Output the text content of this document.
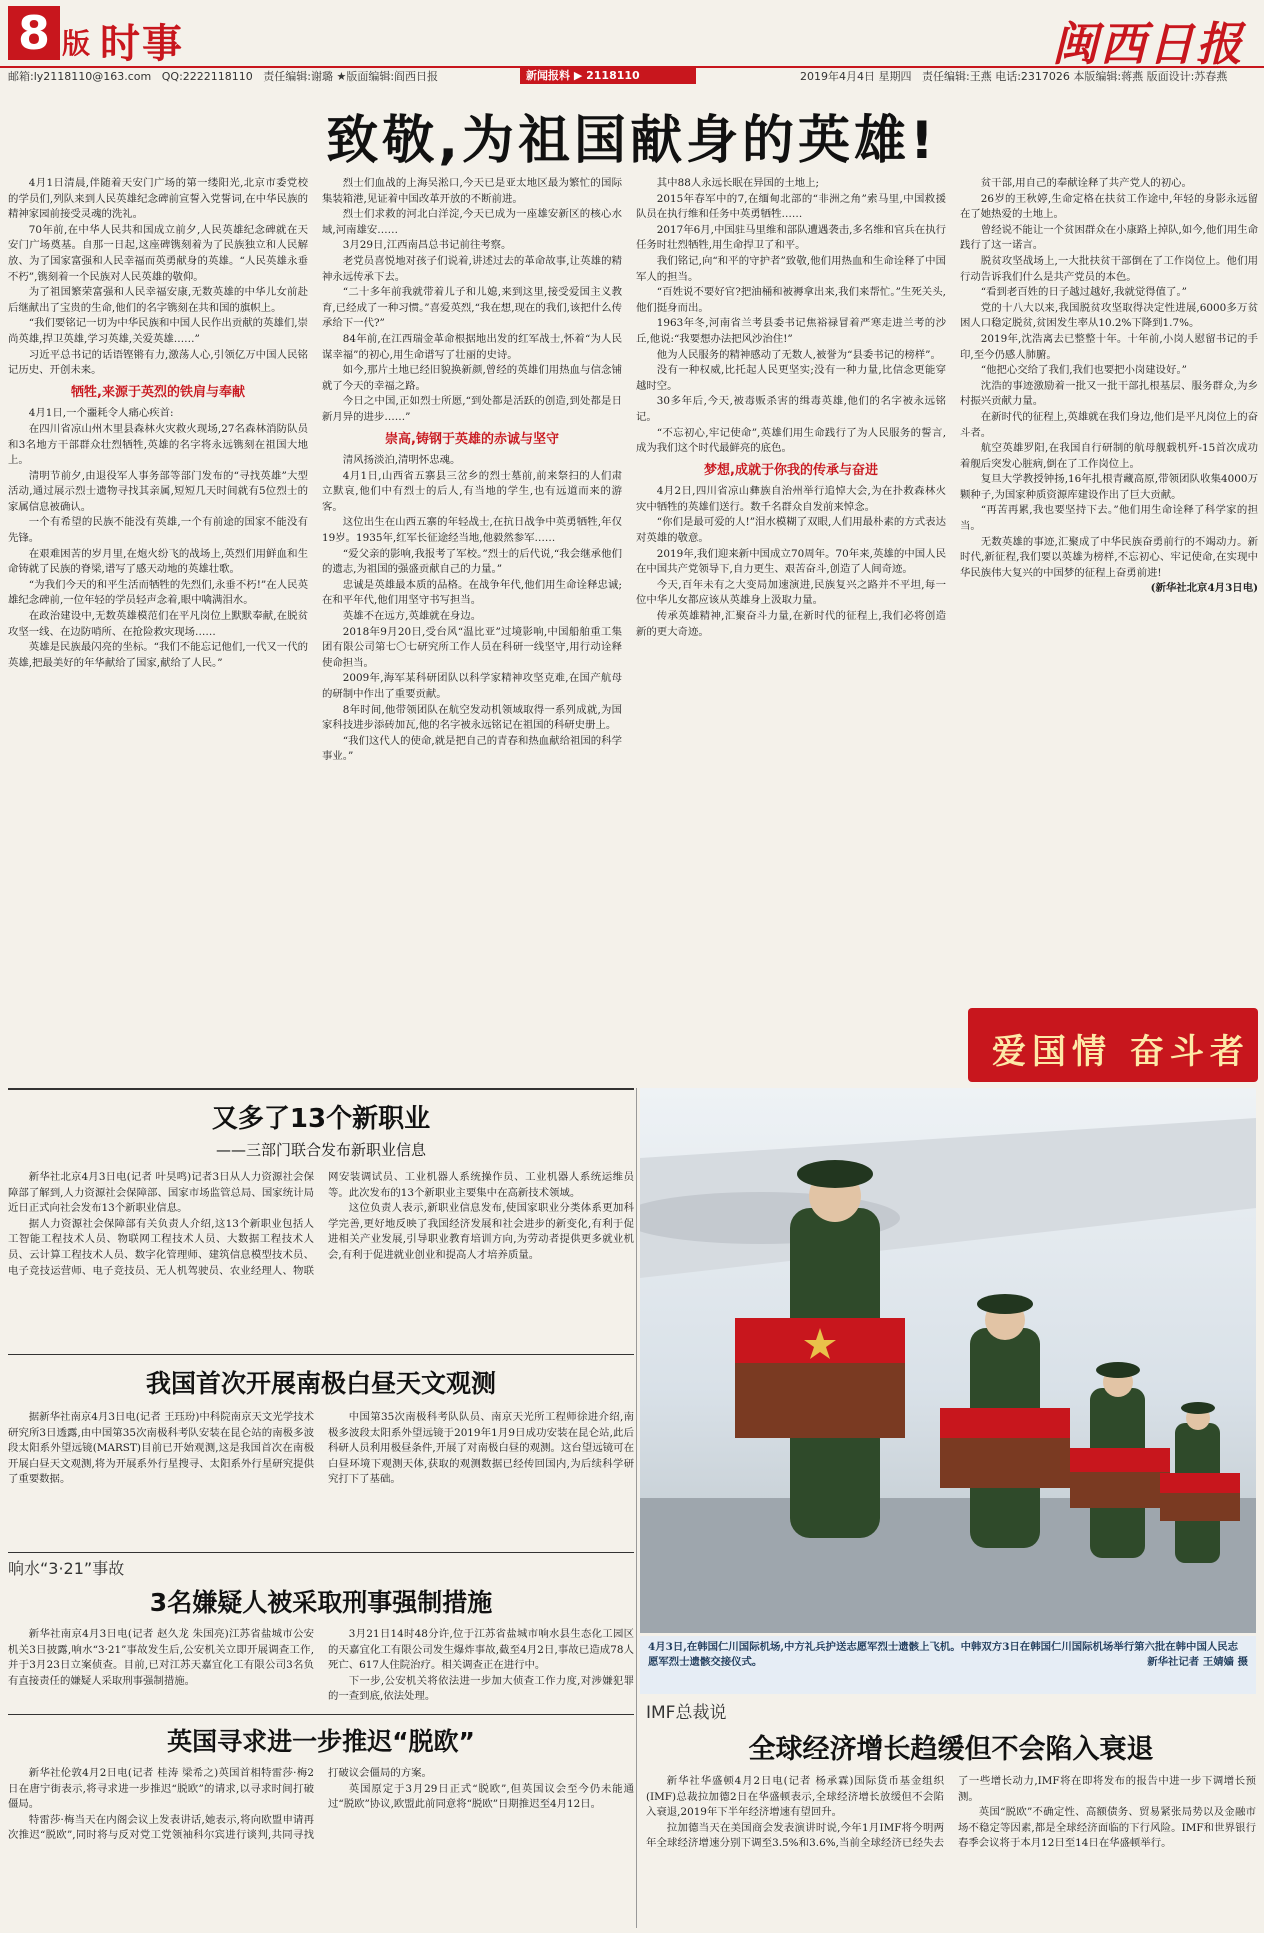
8 版 时事	闽西日报
邮箱:ly2118110@163.com QQ:2222118110 责任编辑:谢璐 ★版面编辑:阎西日报	新闻报料 ▶ 2118110	2019年4月4日 星期四 责任编辑:王燕 电话:2317026 本版编辑:蒋燕 版面设计:苏春燕
致敬,为祖国献身的英雄!

4月1日清晨,伴随着天安门广场的第一缕阳光,北京市委党校的学员们,列队来到人民英雄纪念碑前宣誓入党誓词,在中华民族的精神家园前接受灵魂的洗礼。

70年前,在中华人民共和国成立前夕,人民英雄纪念碑就在天安门广场奠基。自那一日起,这座碑镌刻着为了民族独立和人民解放、为了国家富强和人民幸福而英勇献身的英雄。“人民英雄永垂不朽”,镌刻着一个民族对人民英雄的敬仰。

为了祖国繁荣富强和人民幸福安康,无数英雄的中华儿女前赴后继献出了宝贵的生命,他们的名字镌刻在共和国的旗帜上。

“我们要铭记一切为中华民族和中国人民作出贡献的英雄们,崇尚英雄,捍卫英雄,学习英雄,关爱英雄……”

习近平总书记的话语铿锵有力,激荡人心,引领亿万中国人民铭记历史、开创未来。

牺牲,来源于英烈的铁肩与奉献

4月1日,一个噩耗令人痛心疾首:

在四川省凉山州木里县森林火灾救火现场,27名森林消防队员和3名地方干部群众壮烈牺牲,英雄的名字将永远镌刻在祖国大地上。

清明节前夕,由退役军人事务部等部门发布的“寻找英雄”大型活动,通过展示烈士遗物寻找其亲属,短短几天时间就有5位烈士的家属信息被确认。

一个有希望的民族不能没有英雄,一个有前途的国家不能没有先锋。

在艰难困苦的岁月里,在炮火纷飞的战场上,英烈们用鲜血和生命铸就了民族的脊梁,谱写了感天动地的英雄壮歌。

“为我们今天的和平生活而牺牲的先烈们,永垂不朽!”在人民英雄纪念碑前,一位年轻的学员轻声念着,眼中噙满泪水。

在政治建设中,无数英雄模范们在平凡岗位上默默奉献,在脱贫攻坚一线、在边防哨所、在抢险救灾现场……

英雄是民族最闪亮的坐标。“我们不能忘记他们,一代又一代的英雄,把最美好的年华献给了国家,献给了人民。”

烈士们血战的上海吴淞口,今天已是亚太地区最为繁忙的国际集装箱港,见证着中国改革开放的不断前进。

烈士们求救的河北白洋淀,今天已成为一座雄安新区的核心水域,河南雄安……

3月29日,江西南昌总书记前往考察。

老党员喜悦地对孩子们说着,讲述过去的革命故事,让英雄的精神永远传承下去。

“二十多年前我就带着儿子和儿媳,来到这里,接受爱国主义教育,已经成了一种习惯。”喜爱英烈,“我在想,现在的我们,该把什么传承给下一代?”

84年前,在江西瑞金革命根据地出发的红军战士,怀着“为人民谋幸福”的初心,用生命谱写了壮丽的史诗。

如今,那片土地已经旧貌换新颜,曾经的英雄们用热血与信念铺就了今天的幸福之路。

今日之中国,正如烈士所愿,“到处都是活跃的创造,到处都是日新月异的进步……”

崇高,铸钢于英雄的赤诚与坚守

清风扬淡泊,清明怀忠魂。

4月1日,山西省五寨县三岔乡的烈士墓前,前来祭扫的人们肃立默哀,他们中有烈士的后人,有当地的学生,也有远道而来的游客。

这位出生在山西五寨的年轻战士,在抗日战争中英勇牺牲,年仅19岁。1935年,红军长征途经当地,他毅然参军……

“爱父亲的影响,我报考了军校。”烈士的后代说,“我会继承他们的遗志,为祖国的强盛贡献自己的力量。”

忠诚是英雄最本质的品格。在战争年代,他们用生命诠释忠诚;在和平年代,他们用坚守书写担当。

英雄不在远方,英雄就在身边。

2018年9月20日,受台风“温比亚”过境影响,中国船舶重工集团有限公司第七〇七研究所工作人员在科研一线坚守,用行动诠释使命担当。

2009年,海军某科研团队以科学家精神攻坚克难,在国产航母的研制中作出了重要贡献。

8年时间,他带领团队在航空发动机领域取得一系列成就,为国家科技进步添砖加瓦,他的名字被永远铭记在祖国的科研史册上。

“我们这代人的使命,就是把自己的青春和热血献给祖国的科学事业。”

其中88人永远长眠在异国的土地上;

2015年春军中的7,在缅甸北部的“非洲之角”索马里,中国救援队员在执行维和任务中英勇牺牲……

2017年6月,中国驻马里维和部队遭遇袭击,多名维和官兵在执行任务时壮烈牺牲,用生命捍卫了和平。

我们铭记,向“和平的守护者”致敬,他们用热血和生命诠释了中国军人的担当。

“百姓说不要好官?把油桶和被褥拿出来,我们来帮忙。”生死关头,他们挺身而出。

1963年冬,河南省兰考县委书记焦裕禄冒着严寒走进兰考的沙丘,他说:“我要想办法把风沙治住!”

他为人民服务的精神感动了无数人,被誉为“县委书记的榜样”。

没有一种权威,比托起人民更坚实;没有一种力量,比信念更能穿越时空。

30多年后,今天,被毒贩杀害的缉毒英雄,他们的名字被永远铭记。

“不忘初心,牢记使命”,英雄们用生命践行了为人民服务的誓言,成为我们这个时代最鲜亮的底色。

梦想,成就于你我的传承与奋进

4月2日,四川省凉山彝族自治州举行追悼大会,为在扑救森林火灾中牺牲的英雄们送行。数千名群众自发前来悼念。

“你们是最可爱的人!”泪水模糊了双眼,人们用最朴素的方式表达对英雄的敬意。

2019年,我们迎来新中国成立70周年。70年来,英雄的中国人民在中国共产党领导下,自力更生、艰苦奋斗,创造了人间奇迹。

今天,百年未有之大变局加速演进,民族复兴之路并不平坦,每一位中华儿女都应该从英雄身上汲取力量。

传承英雄精神,汇聚奋斗力量,在新时代的征程上,我们必将创造新的更大奇迹。

贫干部,用自己的奉献诠释了共产党人的初心。

26岁的王秋婷,生命定格在扶贫工作途中,年轻的身影永远留在了她热爱的土地上。

曾经说不能让一个贫困群众在小康路上掉队,如今,他们用生命践行了这一诺言。

脱贫攻坚战场上,一大批扶贫干部倒在了工作岗位上。他们用行动告诉我们什么是共产党员的本色。

“看到老百姓的日子越过越好,我就觉得值了。”

党的十八大以来,我国脱贫攻坚取得决定性进展,6000多万贫困人口稳定脱贫,贫困发生率从10.2%下降到1.7%。

2019年,沈浩离去已整整十年。十年前,小岗人慰留书记的手印,至今仍感人肺腑。

“他把心交给了我们,我们也要把小岗建设好。”

沈浩的事迹激励着一批又一批干部扎根基层、服务群众,为乡村振兴贡献力量。

在新时代的征程上,英雄就在我们身边,他们是平凡岗位上的奋斗者。

航空英雄罗阳,在我国自行研制的航母舰载机歼-15首次成功着舰后突发心脏病,倒在了工作岗位上。

复旦大学教授钟扬,16年扎根青藏高原,带领团队收集4000万颗种子,为国家种质资源库建设作出了巨大贡献。

“再苦再累,我也要坚持下去。”他们用生命诠释了科学家的担当。

无数英雄的事迹,汇聚成了中华民族奋勇前行的不竭动力。新时代,新征程,我们要以英雄为榜样,不忘初心、牢记使命,在实现中华民族伟大复兴的中国梦的征程上奋勇前进!

(新华社北京4月3日电)

爱国情 奋斗者
又多了13个新职业
——三部门联合发布新职业信息

新华社北京4月3日电(记者 叶昊鸣)记者3日从人力资源社会保障部了解到,人力资源社会保障部、国家市场监管总局、国家统计局近日正式向社会发布13个新职业信息。

据人力资源社会保障部有关负责人介绍,这13个新职业包括人工智能工程技术人员、物联网工程技术人员、大数据工程技术人员、云计算工程技术人员、数字化管理师、建筑信息模型技术员、电子竞技运营师、电子竞技员、无人机驾驶员、农业经理人、物联网安装调试员、工业机器人系统操作员、工业机器人系统运维员等。此次发布的13个新职业主要集中在高新技术领域。

这位负责人表示,新职业信息发布,使国家职业分类体系更加科学完善,更好地反映了我国经济发展和社会进步的新变化,有利于促进相关产业发展,引导职业教育培训方向,为劳动者提供更多就业机会,有利于促进就业创业和提高人才培养质量。

我国首次开展南极白昼天文观测

据新华社南京4月3日电(记者 王珏玢)中科院南京天文光学技术研究所3日透露,由中国第35次南极科考队安装在昆仑站的南极多波段太阳系外望远镜(MARST)目前已开始观测,这是我国首次在南极开展白昼天文观测,将为开展系外行星搜寻、太阳系外行星研究提供了重要数据。

中国第35次南极科考队队员、南京天光所工程师徐进介绍,南极多波段太阳系外望远镜于2019年1月9日成功安装在昆仑站,此后科研人员利用极昼条件,开展了对南极白昼的观测。这台望远镜可在白昼环境下观测天体,获取的观测数据已经传回国内,为后续科学研究打下了基础。

响水“3·21”事故
3名嫌疑人被采取刑事强制措施

新华社南京4月3日电(记者 赵久龙 朱国亮)江苏省盐城市公安机关3日披露,响水“3·21”事故发生后,公安机关立即开展调查工作,并于3月23日立案侦查。目前,已对江苏天嘉宜化工有限公司3名负有直接责任的嫌疑人采取刑事强制措施。

3月21日14时48分许,位于江苏省盐城市响水县生态化工园区的天嘉宜化工有限公司发生爆炸事故,截至4月2日,事故已造成78人死亡、617人住院治疗。相关调查正在进行中。

下一步,公安机关将依法进一步加大侦查工作力度,对涉嫌犯罪的一查到底,依法处理。

英国寻求进一步推迟“脱欧”

新华社伦敦4月2日电(记者 桂涛 梁希之)英国首相特雷莎·梅2日在唐宁街表示,将寻求进一步推迟“脱欧”的请求,以寻求时间打破僵局。

特雷莎·梅当天在内阁会议上发表讲话,她表示,将向欧盟申请再次推迟“脱欧”,同时将与反对党工党领袖科尔宾进行谈判,共同寻找打破议会僵局的方案。

英国原定于3月29日正式“脱欧”,但英国议会至今仍未能通过“脱欧”协议,欧盟此前同意将“脱欧”日期推迟至4月12日。

4月3日,在韩国仁川国际机场,中方礼兵护送志愿军烈士遗骸上飞机。中韩双方3日在韩国仁川国际机场举行第六批在韩中国人民志愿军烈士遗骸交接仪式。	新华社记者 王婧嫱 摄
IMF总裁说
全球经济增长趋缓但不会陷入衰退

新华社华盛顿4月2日电(记者 杨承霖)国际货币基金组织(IMF)总裁拉加德2日在华盛顿表示,全球经济增长放缓但不会陷入衰退,2019年下半年经济增速有望回升。

拉加德当天在美国商会发表演讲时说,今年1月IMF将今明两年全球经济增速分别下调至3.5%和3.6%,当前全球经济已经失去了一些增长动力,IMF将在即将发布的报告中进一步下调增长预测。

英国“脱欧”不确定性、高额债务、贸易紧张局势以及金融市场不稳定等因素,都是全球经济面临的下行风险。IMF和世界银行春季会议将于本月12日至14日在华盛顿举行。
